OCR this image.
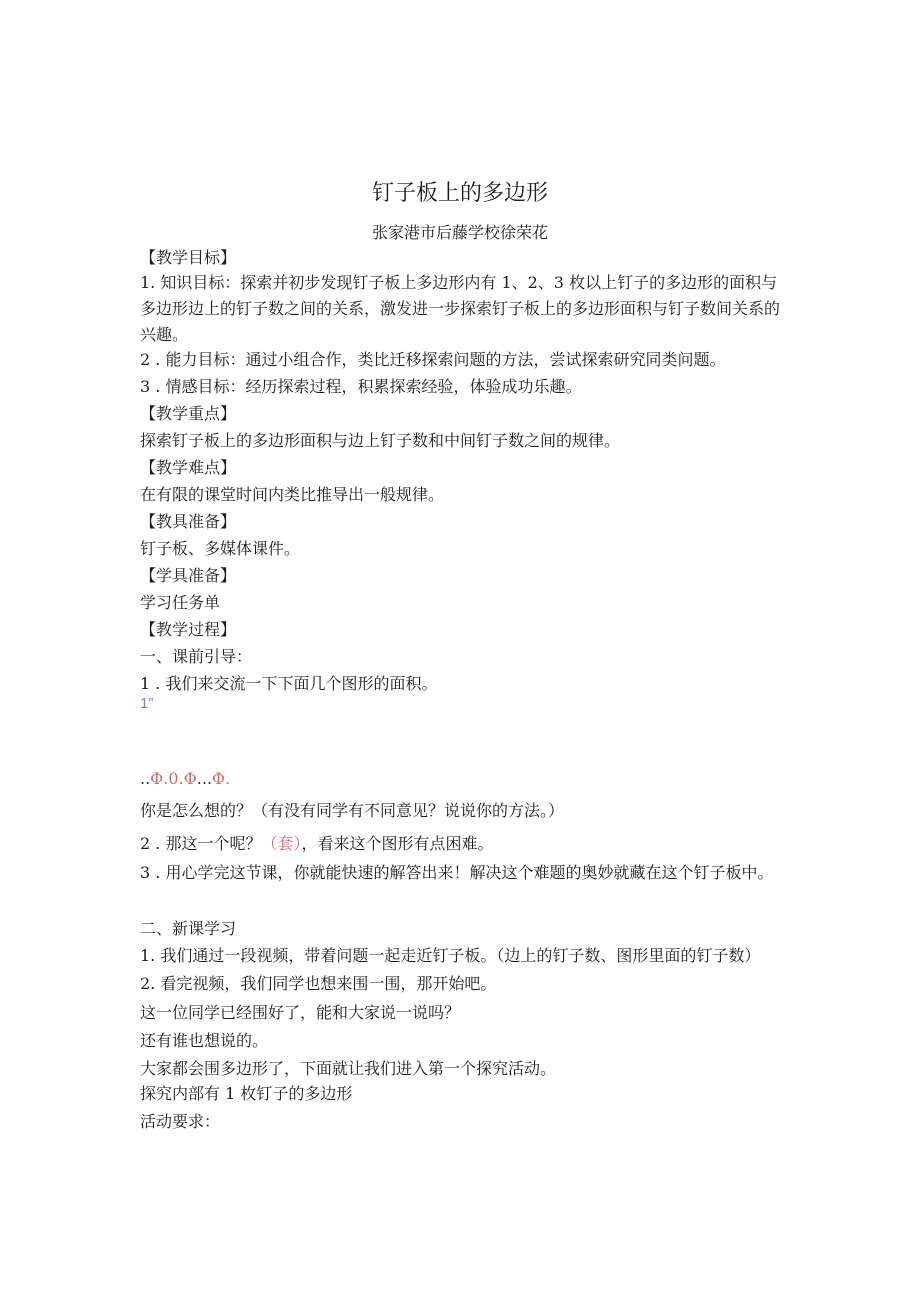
钉子板上的多边形
张家港市后藤学校徐荣花
【教学目标】
1. 知识目标：探索并初步发现钉子板上多边形内有 1、2、3 枚以上钉子的多边形的面积与多边形边上的钉子数之间的关系，激发进一步探索钉子板上的多边形面积与钉子数间关系的兴趣。
2 . 能力目标：通过小组合作，类比迁移探索问题的方法，尝试探索研究同类问题。
3 . 情感目标：经历探索过程，积累探索经验，体验成功乐趣。
【教学重点】
探索钉子板上的多边形面积与边上钉子数和中间钉子数之间的规律。
【教学难点】
在有限的课堂时间内类比推导出一般规律。
【教具准备】
钉子板、多媒体课件。
【学具准备】
学习任务单
【教学过程】
一、课前引导：
1 . 我们来交流一下下面几个图形的面积。
1”
..Φ.0.Φ...Φ.
你是怎么想的？（有没有同学有不同意见？说说你的方法。）
2 . 那这一个呢？（套），看来这个图形有点困难。
3 . 用心学完这节课，你就能快速的解答出来！解决这个难题的奥妙就藏在这个钉子板中。
二、新课学习
1. 我们通过一段视频，带着问题一起走近钉子板。（边上的钉子数、图形里面的钉子数）
2. 看完视频，我们同学也想来围一围，那开始吧。
这一位同学已经围好了，能和大家说一说吗？
还有谁也想说的。
大家都会围多边形了，下面就让我们进入第一个探究活动。
探究内部有 1 枚钉子的多边形
活动要求：
